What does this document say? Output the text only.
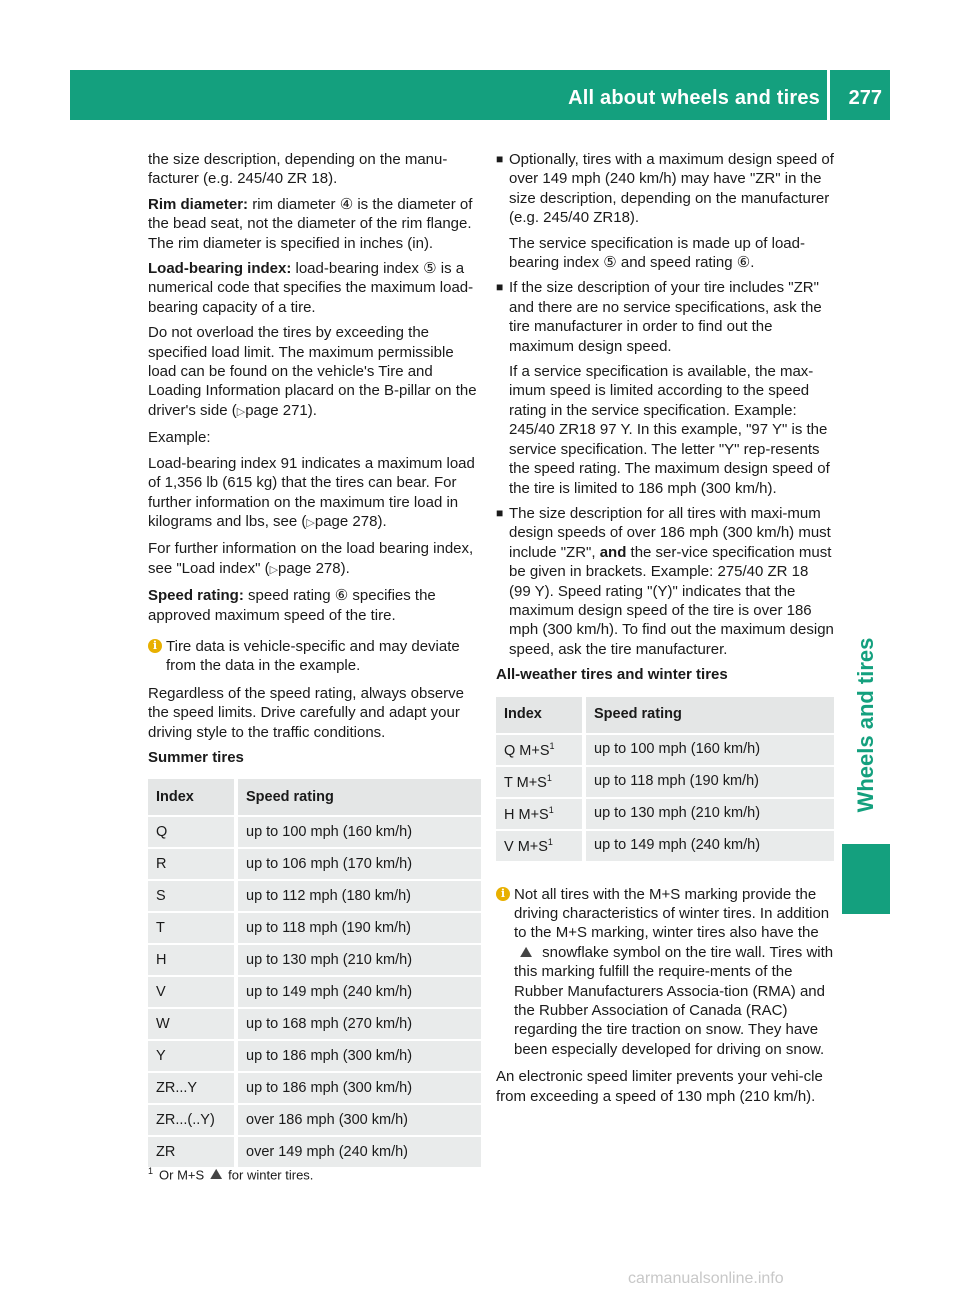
All about wheels and tires 277
Wheels and tires

the size description, depending on the manu-facturer (e.g. 245/40 ZR 18).

Rim diameter: rim diameter ④ is the diameter of the bead seat, not the diameter of the rim flange. The rim diameter is specified in inches (in).

Load-bearing index: load-bearing index ⑤ is a numerical code that specifies the maximum load-bearing capacity of a tire.

Do not overload the tires by exceeding the specified load limit. The maximum permissible load can be found on the vehicle's Tire and Loading Information placard on the B-pillar on the driver's side (▷page 271).

Example:

Load-bearing index 91 indicates a maximum load of 1,356 lb (615 kg) that the tires can bear. For further information on the maximum tire load in kilograms and lbs, see (▷page 278).

For further information on the load bearing index, see "Load index" (▷page 278).

Speed rating: speed rating ⑥ specifies the approved maximum speed of the tire.

i Tire data is vehicle-specific and may deviate from the data in the example.

Regardless of the speed rating, always observe the speed limits. Drive carefully and adapt your driving style to the traffic conditions.

Summer tires
Index	Speed rating
Q	up to 100 mph (160 km/h)
R	up to 106 mph (170 km/h)
S	up to 112 mph (180 km/h)
T	up to 118 mph (190 km/h)
H	up to 130 mph (210 km/h)
V	up to 149 mph (240 km/h)
W	up to 168 mph (270 km/h)
Y	up to 186 mph (300 km/h)
ZR...Y	up to 186 mph (300 km/h)
ZR...(..Y)	over 186 mph (300 km/h)
ZR	over 149 mph (240 km/h)
■ Optionally, tires with a maximum design speed of over 149 mph (240 km/h) may have "ZR" in the size description, depending on the manufacturer (e.g. 245/40 ZR18).

The service specification is made up of load-bearing index ⑤ and speed rating ⑥.

■ If the size description of your tire includes "ZR" and there are no service specifications, ask the tire manufacturer in order to find out the maximum design speed.

If a service specification is available, the max-imum speed is limited according to the speed rating in the service specification. Example: 245/40 ZR18 97 Y. In this example, "97 Y" is the service specification. The letter "Y" rep-resents the speed rating. The maximum design speed of the tire is limited to 186 mph (300 km/h).

■ The size description for all tires with maxi-mum design speeds of over 186 mph (300 km/h) must include "ZR", and the ser-vice specification must be given in brackets. Example: 275/40 ZR 18 (99 Y). Speed rating "(Y)" indicates that the maximum design speed of the tire is over 186 mph (300 km/h). To find out the maximum design speed, ask the tire manufacturer.

All-weather tires and winter tires
Index	Speed rating
Q $M+S^1$	up to 100 mph (160 km/h)
T $M+S^1$	up to 118 mph (190 km/h)
H $M+S^1$	up to 130 mph (210 km/h)
V $M+S^1$	up to 149 mph (240 km/h)
i Not all tires with the M+S marking provide the driving characteristics of winter tires. In addition to the M+S marking, winter tires also have the ⛰ snowflake symbol on the tire wall. Tires with this marking fulfill the require-ments of the Rubber Manufacturers Associa-tion (RMA) and the Rubber Association of Canada (RAC) regarding the tire traction on snow. They have been especially developed for driving on snow.

An electronic speed limiter prevents your vehi-cle from exceeding a speed of 130 mph (210 km/h).

$^1$ Or M+S ⛰ for winter tires.
carmanualsonline.info
